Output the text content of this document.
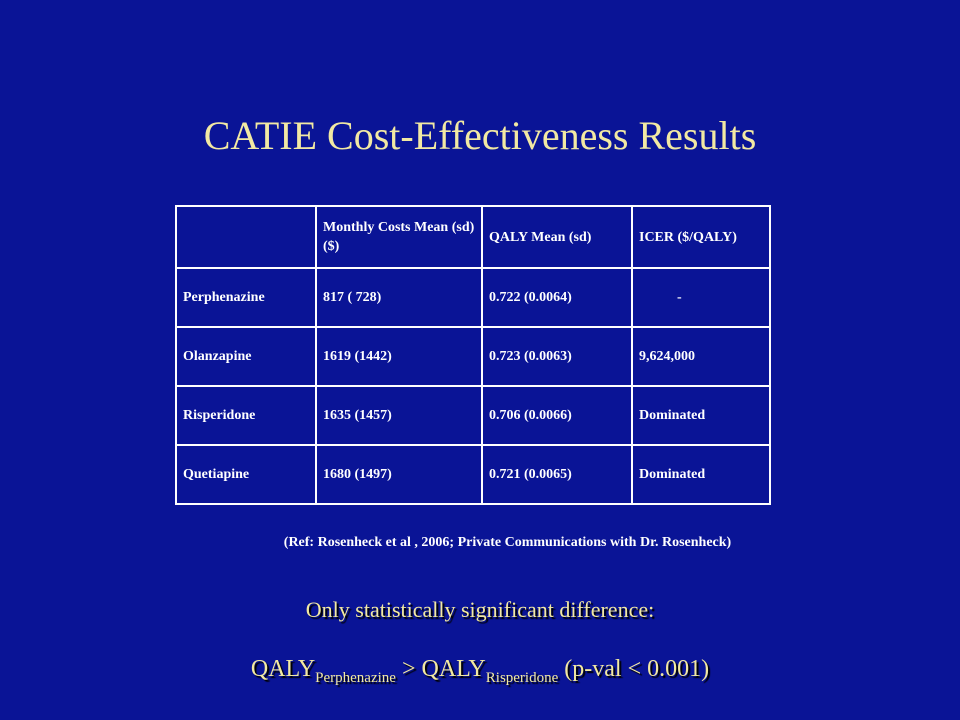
CATIE Cost-Effectiveness Results
	Monthly Costs Mean (sd) ($)	QALY Mean (sd)	ICER ($/QALY)
Perphenazine	817 ( 728)	0.722 (0.0064)	-
Olanzapine	1619 (1442)	0.723 (0.0063)	9,624,000
Risperidone	1635 (1457)	0.706 (0.0066)	Dominated
Quetiapine	1680 (1497)	0.721 (0.0065)	Dominated
(Ref: Rosenheck et al , 2006; Private Communications with Dr. Rosenheck)
Only statistically significant difference:
$QALY_{Perphenazine}$ > $QALY_{Risperidone}$ (p-val < 0.001)
